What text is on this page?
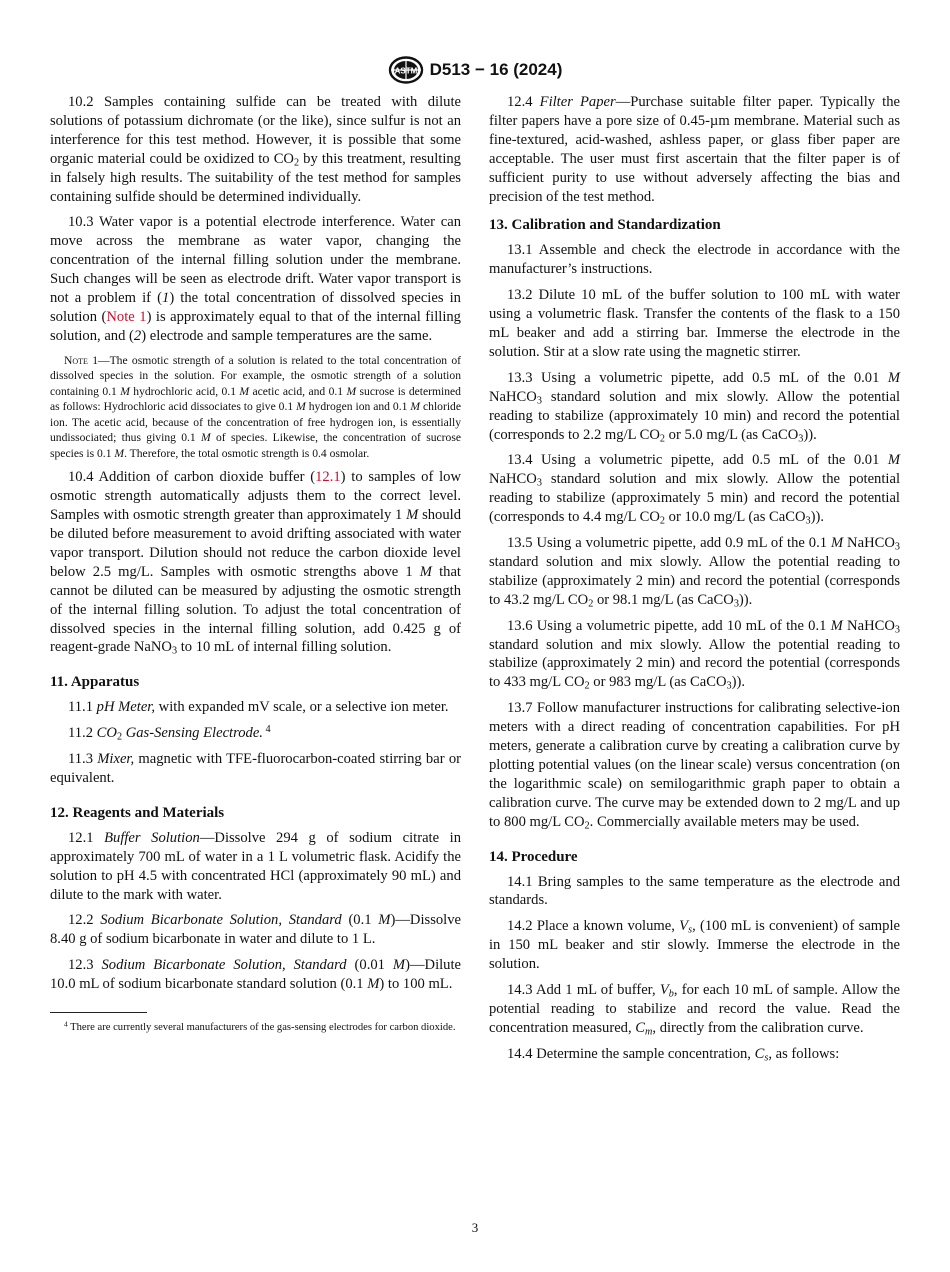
ASTM D513 − 16 (2024)

10.2 Samples containing sulfide can be treated with dilute solutions of potassium dichromate (or the like), since sulfur is not an interference for this test method. However, it is possible that some organic material could be oxidized to $CO_2$ by this treatment, resulting in falsely high results. The suitability of the test method for samples containing sulfide should be determined individually.

10.3 Water vapor is a potential electrode interference. Water can move across the membrane as water vapor, changing the concentration of the internal filling solution under the membrane. Such changes will be seen as electrode drift. Water vapor transport is not a problem if (1) the total concentration of dissolved species in solution (Note 1) is approximately equal to that of the internal filling solution, and (2) electrode and sample temperatures are the same.

Note 1—The osmotic strength of a solution is related to the total concentration of dissolved species in the solution. For example, the osmotic strength of a solution containing 0.1 M hydrochloric acid, 0.1 M acetic acid, and 0.1 M sucrose is determined as follows: Hydrochloric acid dissociates to give 0.1 M hydrogen ion and 0.1 M chloride ion. The acetic acid, because of the concentration of free hydrogen ion, is essentially undissociated; thus giving 0.1 M of species. Likewise, the concentration of sucrose species is 0.1 M. Therefore, the total osmotic strength is 0.4 osmolar.

10.4 Addition of carbon dioxide buffer (12.1) to samples of low osmotic strength automatically adjusts them to the correct level. Samples with osmotic strength greater than approximately 1 M should be diluted before measurement to avoid drifting associated with water vapor transport. Dilution should not reduce the carbon dioxide level below 2.5 mg/L. Samples with osmotic strengths above 1 M that cannot be diluted can be measured by adjusting the osmotic strength of the internal filling solution. To adjust the total concentration of dissolved species in the internal filling solution, add 0.425 g of reagent-grade NaNO$_3$ to 10 mL of internal filling solution.

11. Apparatus

11.1 pH Meter, with expanded mV scale, or a selective ion meter.

11.2 $CO_2$ Gas-Sensing Electrode. $^4$

11.3 Mixer, magnetic with TFE-fluorocarbon-coated stirring bar or equivalent.

12. Reagents and Materials

12.1 Buffer Solution—Dissolve 294 g of sodium citrate in approximately 700 mL of water in a 1 L volumetric flask. Acidify the solution to pH 4.5 with concentrated HCl (approximately 90 mL) and dilute to the mark with water.

12.2 Sodium Bicarbonate Solution, Standard (0.1 M)—Dissolve 8.40 g of sodium bicarbonate in water and dilute to 1 L.

12.3 Sodium Bicarbonate Solution, Standard (0.01 M)—Dilute 10.0 mL of sodium bicarbonate standard solution (0.1 M) to 100 mL.

$^4$ There are currently several manufacturers of the gas-sensing electrodes for carbon dioxide.

12.4 Filter Paper—Purchase suitable filter paper. Typically the filter papers have a pore size of 0.45-µm membrane. Material such as fine-textured, acid-washed, ashless paper, or glass fiber paper are acceptable. The user must first ascertain that the filter paper is of sufficient purity to use without adversely affecting the bias and precision of the test method.

13. Calibration and Standardization

13.1 Assemble and check the electrode in accordance with the manufacturer’s instructions.

13.2 Dilute 10 mL of the buffer solution to 100 mL with water using a volumetric flask. Transfer the contents of the flask to a 150 mL beaker and add a stirring bar. Immerse the electrode in the solution. Stir at a slow rate using the magnetic stirrer.

13.3 Using a volumetric pipette, add 0.5 mL of the 0.01 M NaHCO$_3$ standard solution and mix slowly. Allow the potential reading to stabilize (approximately 10 min) and record the potential (corresponds to 2.2 mg/L $CO_2$ or 5.0 mg/L (as CaCO$_3$)).

13.4 Using a volumetric pipette, add 0.5 mL of the 0.01 M NaHCO$_3$ standard solution and mix slowly. Allow the potential reading to stabilize (approximately 5 min) and record the potential (corresponds to 4.4 mg/L $CO_2$ or 10.0 mg/L (as CaCO$_3$)).

13.5 Using a volumetric pipette, add 0.9 mL of the 0.1 M NaHCO$_3$ standard solution and mix slowly. Allow the potential reading to stabilize (approximately 2 min) and record the potential (corresponds to 43.2 mg/L $CO_2$ or 98.1 mg/L (as CaCO$_3$)).

13.6 Using a volumetric pipette, add 10 mL of the 0.1 M NaHCO$_3$ standard solution and mix slowly. Allow the potential reading to stabilize (approximately 2 min) and record the potential (corresponds to 433 mg/L $CO_2$ or 983 mg/L (as CaCO$_3$)).

13.7 Follow manufacturer instructions for calibrating selective-ion meters with a direct reading of concentration capabilities. For pH meters, generate a calibration curve by creating a calibration curve by plotting potential values (on the linear scale) versus concentration (on the logarithmic scale) on semilogarithmic graph paper to obtain a calibration curve. The curve may be extended down to 2 mg/L and up to 800 mg/L $CO_2$. Commercially available meters may be used.

14. Procedure

14.1 Bring samples to the same temperature as the electrode and standards.

14.2 Place a known volume, $V_s$, (100 mL is convenient) of sample in 150 mL beaker and stir slowly. Immerse the electrode in the solution.

14.3 Add 1 mL of buffer, $V_b$, for each 10 mL of sample. Allow the potential reading to stabilize and record the value. Read the concentration measured, $C_m$, directly from the calibration curve.

14.4 Determine the sample concentration, $C_s$, as follows:

3
